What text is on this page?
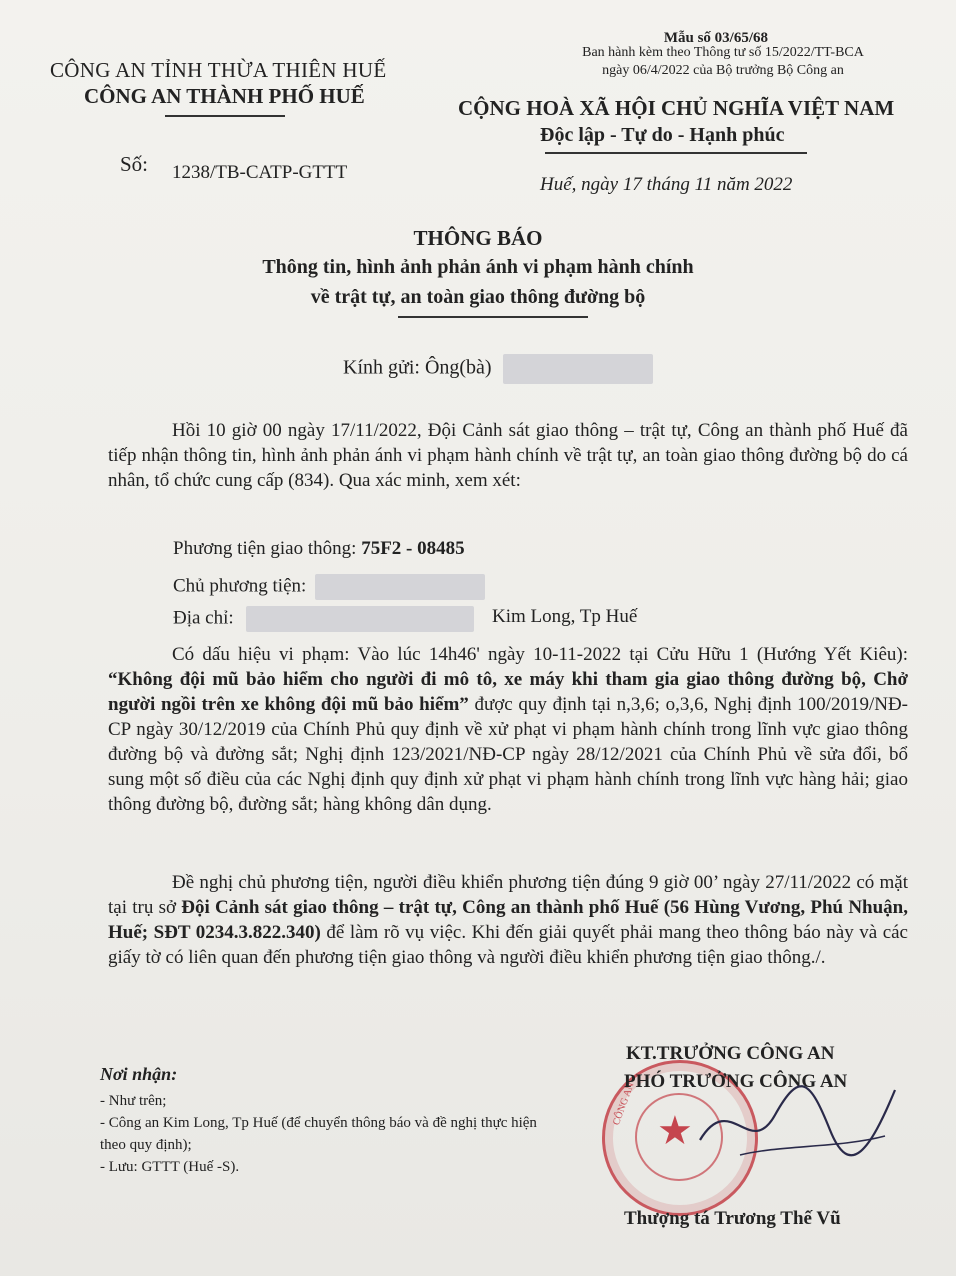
Mẫu số 03/65/68
Ban hành kèm theo Thông tư số 15/2022/TT-BCA
ngày 06/4/2022 của Bộ trưởng Bộ Công an
CÔNG AN TỈNH THỪA THIÊN HUẾ
CÔNG AN THÀNH PHỐ HUẾ	CỘNG HOÀ XÃ HỘI CHỦ NGHĨA VIỆT NAM
Độc lập - Tự do - Hạnh phúc
Số: 1238/TB-CATP-GTTT
Huế, ngày 17 tháng 11 năm 2022
THÔNG BÁO
Thông tin, hình ảnh phản ánh vi phạm hành chính
về trật tự, an toàn giao thông đường bộ
Kính gửi: Ông(bà)
Hồi 10 giờ 00 ngày 17/11/2022, Đội Cảnh sát giao thông – trật tự, Công an thành phố Huế đã tiếp nhận thông tin, hình ảnh phản ánh vi phạm hành chính về trật tự, an toàn giao thông đường bộ do cá nhân, tổ chức cung cấp (834). Qua xác minh, xem xét:
Phương tiện giao thông: 75F2 - 08485
Chủ phương tiện:
Địa chỉ:	Kim Long, Tp Huế
Có dấu hiệu vi phạm: Vào lúc 14h46' ngày 10-11-2022 tại Cửu Hữu 1 (Hướng Yết Kiêu): “Không đội mũ bảo hiểm cho người đi mô tô, xe máy khi tham gia giao thông đường bộ, Chở người ngồi trên xe không đội mũ bảo hiểm” được quy định tại n,3,6; o,3,6, Nghị định 100/2019/NĐ-CP ngày 30/12/2019 của Chính Phủ quy định về xử phạt vi phạm hành chính trong lĩnh vực giao thông đường bộ và đường sắt; Nghị định 123/2021/NĐ-CP ngày 28/12/2021 của Chính Phủ về sửa đổi, bổ sung một số điều của các Nghị định quy định xử phạt vi phạm hành chính trong lĩnh vực hàng hải; giao thông đường bộ, đường sắt; hàng không dân dụng.
Đề nghị chủ phương tiện, người điều khiển phương tiện đúng 9 giờ 00’ ngày 27/11/2022 có mặt tại trụ sở Đội Cảnh sát giao thông – trật tự, Công an thành phố Huế (56 Hùng Vương, Phú Nhuận, Huế; SĐT 0234.3.822.340) để làm rõ vụ việc. Khi đến giải quyết phải mang theo thông báo này và các giấy tờ có liên quan đến phương tiện giao thông và người điều khiển phương tiện giao thông./.
Nơi nhận:
- Như trên;
- Công an Kim Long, Tp Huế (để chuyển thông báo và đề nghị thực hiện theo quy định);
- Lưu: GTTT (Huế -S).
★
CÔNG AN
KT.TRƯỞNG CÔNG AN
PHÓ TRƯỞNG CÔNG AN
Thượng tá Trương Thế Vũ
